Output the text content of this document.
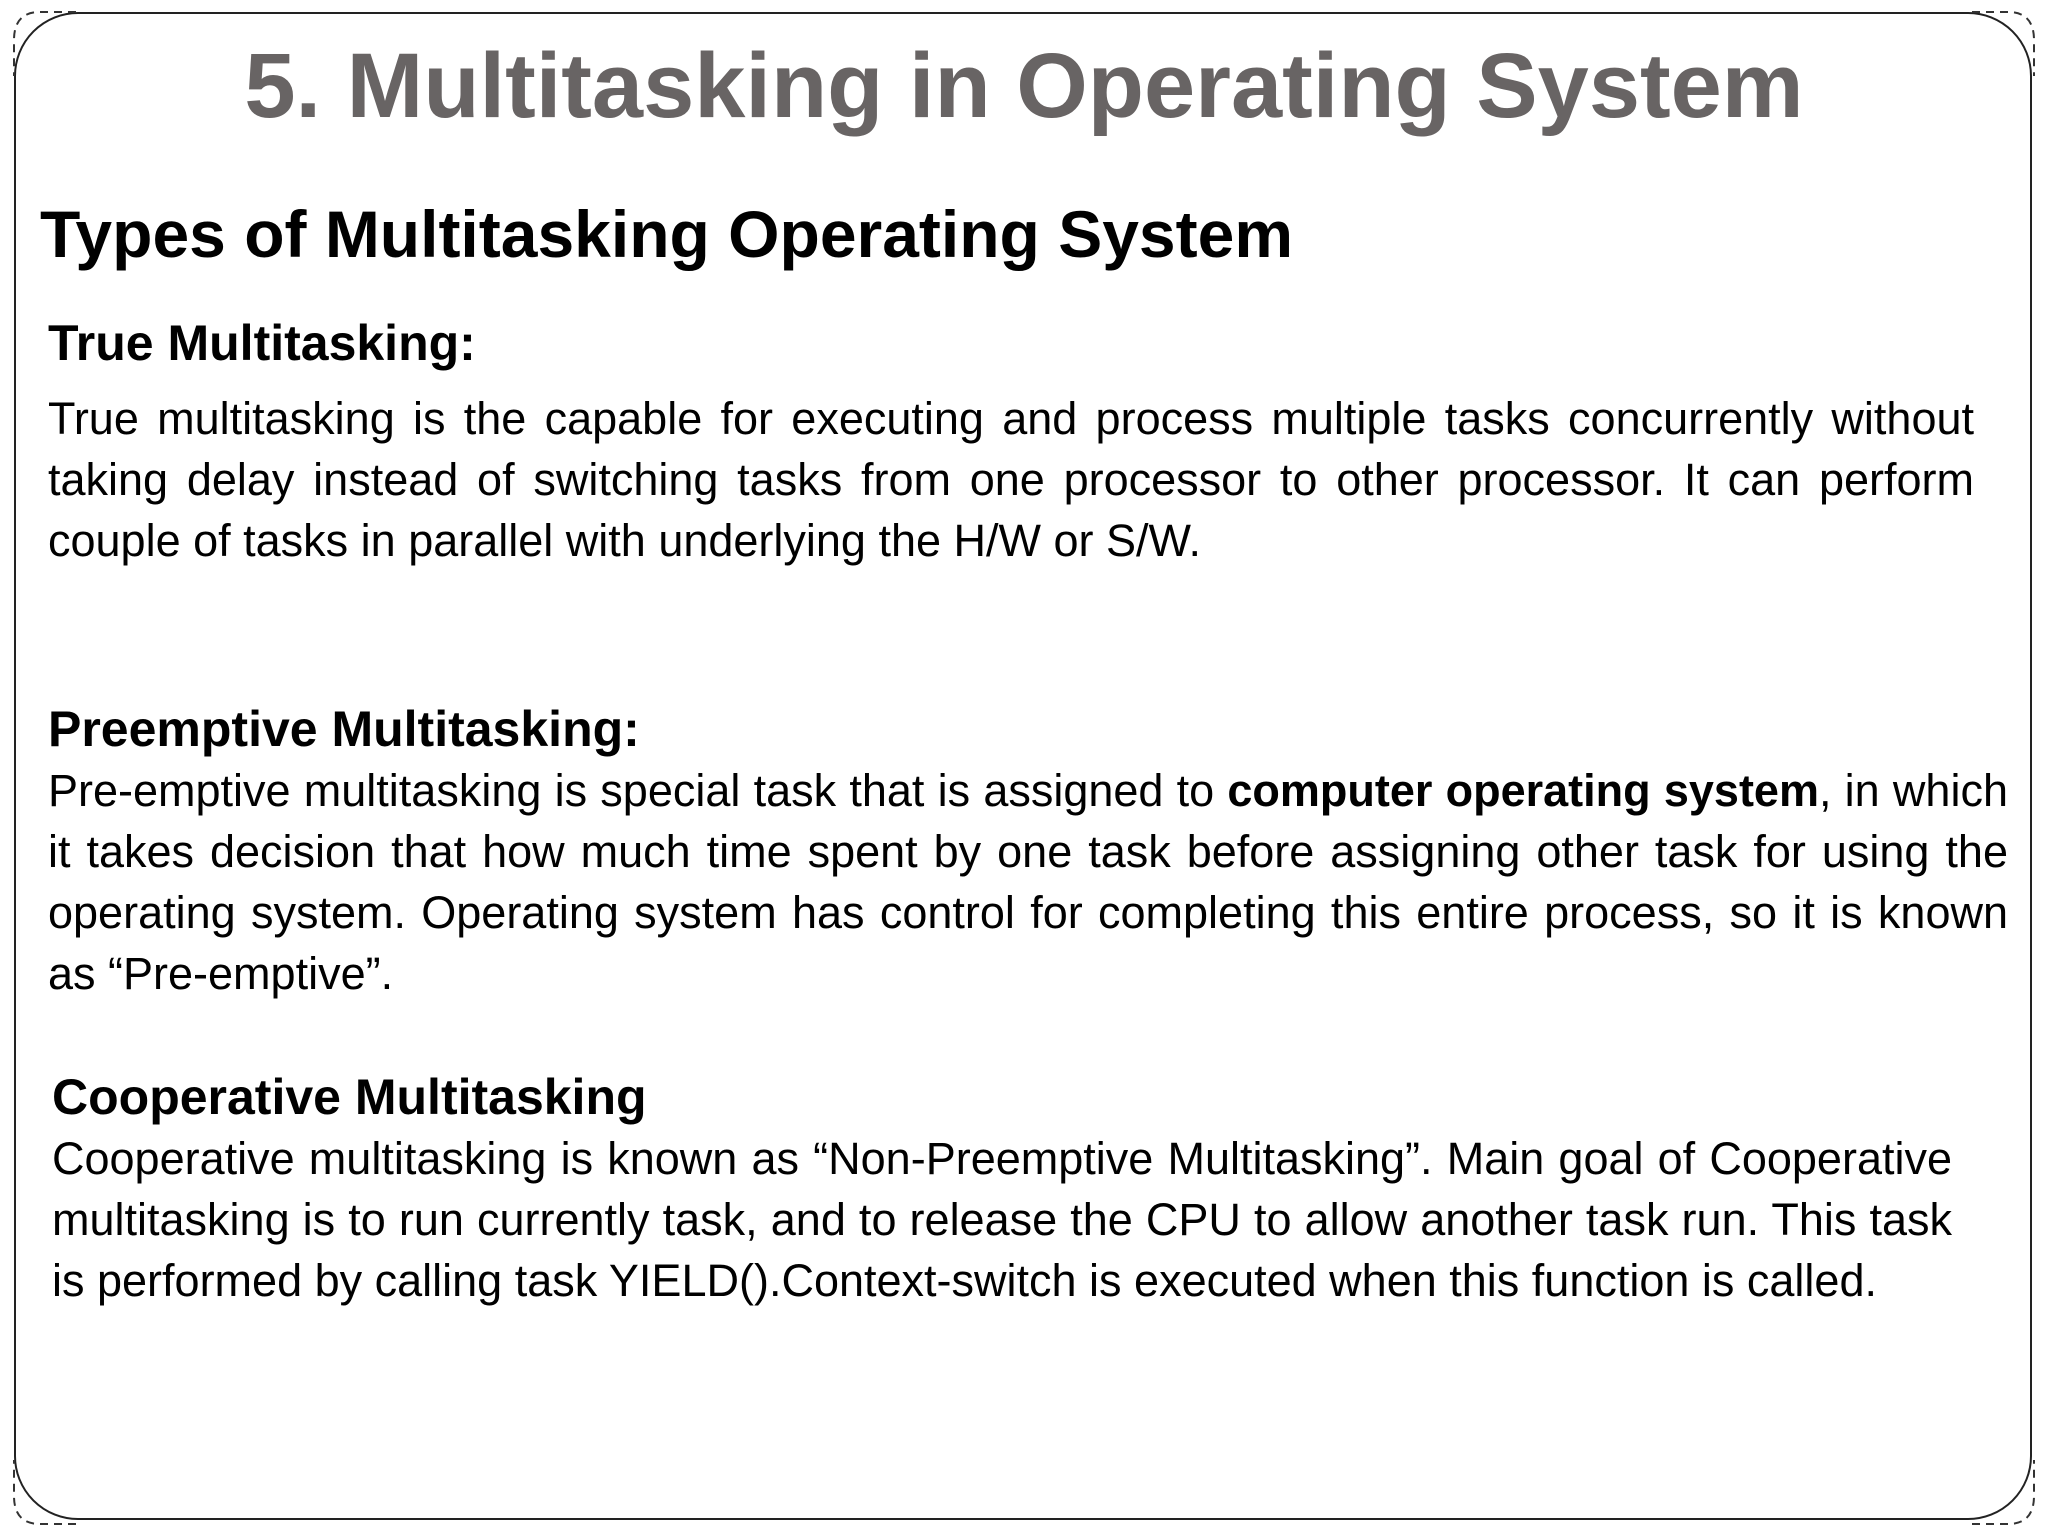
5. Multitasking in Operating System
Types of Multitasking Operating System
True Multitasking:

True multitasking is the capable for executing and process multiple tasks concurrently without taking delay instead of switching tasks from one processor to other processor. It can perform couple of tasks in parallel with underlying the H/W or S/W.

Preemptive Multitasking:

Pre-emptive multitasking is special task that is assigned to computer operating system, in which it takes decision that how much time spent by one task before assigning other task for using the operating system. Operating system has control for completing this entire process, so it is known as “Pre-emptive”.

Cooperative Multitasking

Cooperative multitasking is known as “Non-Preemptive Multitasking”. Main goal of Cooperative multitasking is to run currently task, and to release the CPU to allow another task run. This task is performed by calling task YIELD().Context-switch is executed when this function is called.
